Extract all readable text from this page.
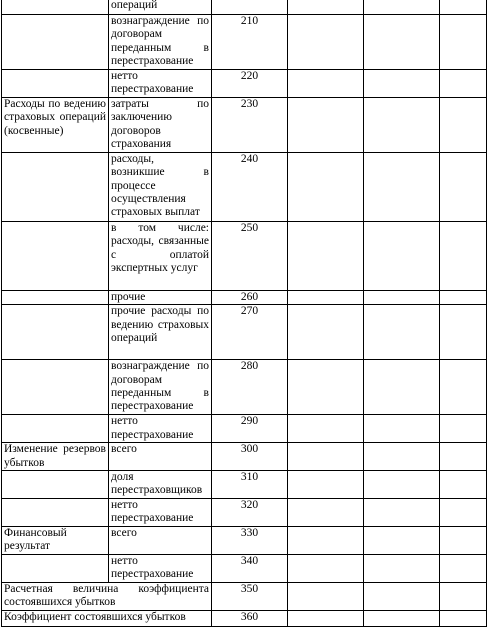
	операций				
	вознаграждение по договорам переданным в перестрахование	210			
	нетто перестрахование	220			
Расходы по ведению страховых операций (косвенные)	затраты по заключению договоров страхования	230			
	расходы, возникшие в процессе осуществления страховых выплат	240			
	в том числе: расходы, связанные с оплатой экспертных услуг	250			
	прочие	260			
	прочие расходы по ведению страховых операций	270			
	вознаграждение по договорам переданным в перестрахование	280			
	нетто перестрахование	290			
Изменение резервов убытков	всего	300			
	доля перестраховщиков	310			
	нетто перестрахование	320			
Финансовый результат	всего	330			
	нетто перестрахование	340			
Расчетная величина коэффициента состоявшихся убытков		350			
Коэффициент состоявшихся убытков		360			
